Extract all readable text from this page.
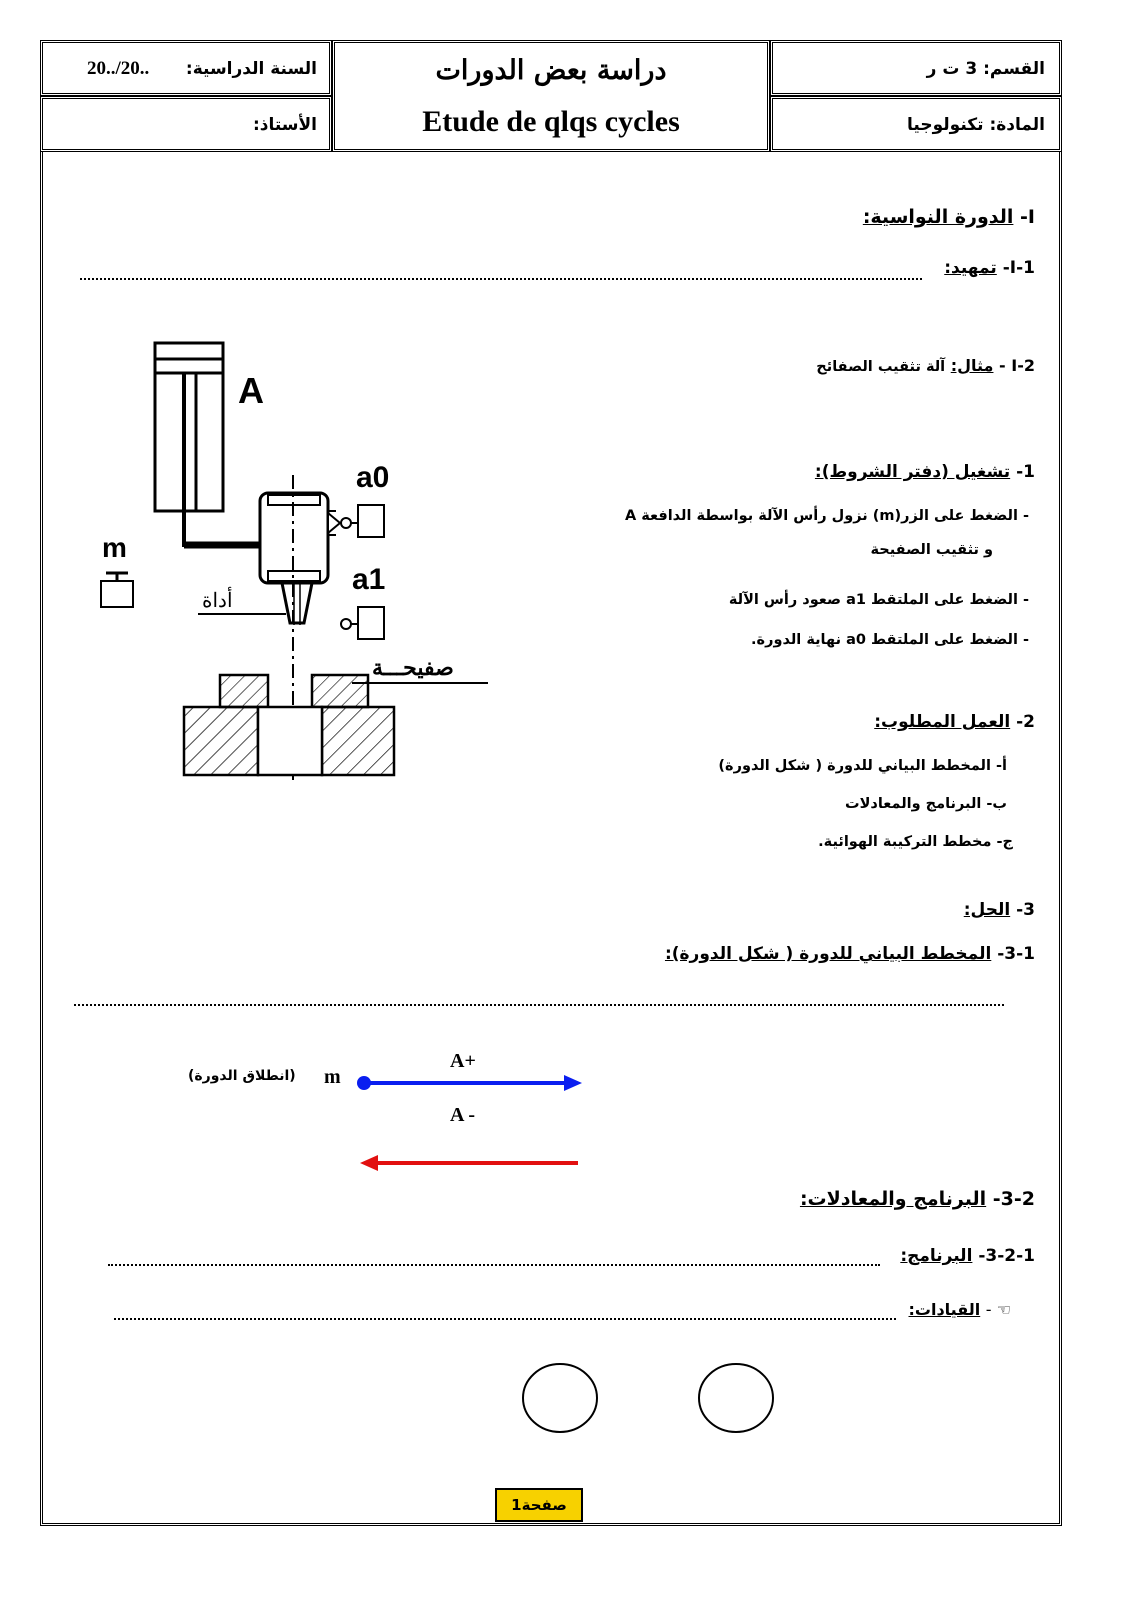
السنة الدراسية:
20../20..
الأستاذ:
دراسة بعض الدورات
Etude de qlqs cycles
القسم: 3 ت ر
المادة: تكنولوجيا
I- الدورة النواسية:
I-1- تمهيد:
I-2 - مثال: آلة تثقيب الصفائح
1- تشغيل (دفتر الشروط):
- الضغط على الزر(m) نزول رأس الآلة بواسطة الدافعة A
و تثقيب الصفيحة
- الضغط على الملتقط a1 صعود رأس الآلة
- الضغط على الملتقط a0 نهاية الدورة.
2- العمل المطلوب:
أ- المخطط البياني للدورة ( شكل الدورة)
ب- البرنامج والمعادلات
ج- مخطط التركيبة الهوائية.
3- الحل:
3-1- المخطط البياني للدورة ( شكل الدورة):
(انطلاق الدورة) m
A+
A -
3-2- البرنامج والمعادلات:
3-2-1- البرنامج:
☜ - القيادات:
صفحة1
A
a0
a1
m
أداة
صفيحـــة
